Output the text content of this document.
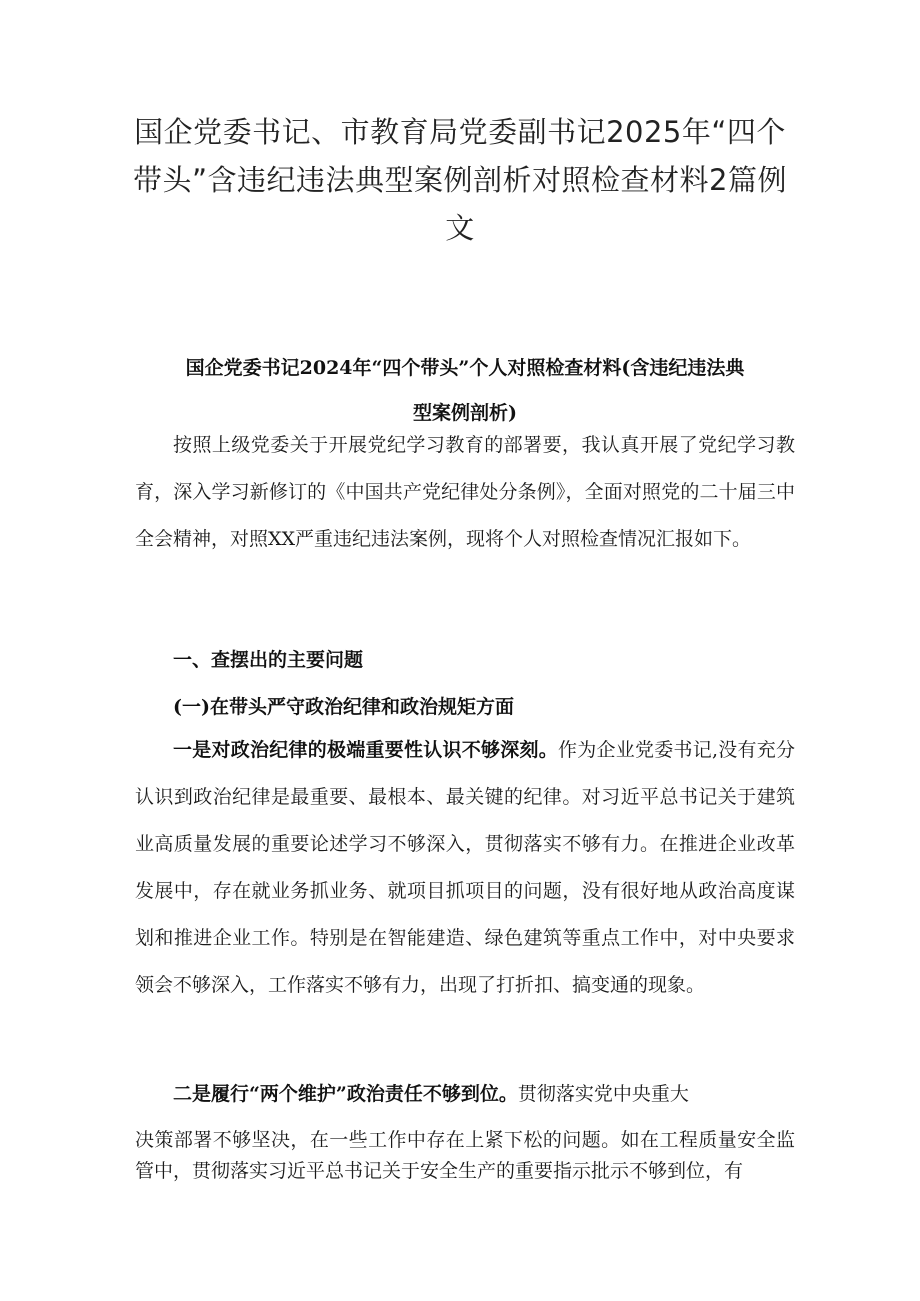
国企党委书记、市教育局党委副书记2025年“四个带头”含违纪违法典型案例剖析对照检查材料2篇例文
国企党委书记2024年“四个带头”个人对照检查材料(含违纪违法典
型案例剖析)

按照上级党委关于开展党纪学习教育的部署要，我认真开展了党纪学习教育，深入学习新修订的《中国共产党纪律处分条例》，全面对照党的二十届三中全会精神，对照XX严重违纪违法案例，现将个人对照检查情况汇报如下。

一、查摆出的主要问题
(一)在带头严守政治纪律和政治规矩方面

一是对政治纪律的极端重要性认识不够深刻。作为企业党委书记,没有充分认识到政治纪律是最重要、最根本、最关键的纪律。对习近平总书记关于建筑业高质量发展的重要论述学习不够深入，贯彻落实不够有力。在推进企业改革发展中，存在就业务抓业务、就项目抓项目的问题，没有很好地从政治高度谋划和推进企业工作。特别是在智能建造、绿色建筑等重点工作中，对中央要求领会不够深入，工作落实不够有力，出现了打折扣、搞变通的现象。

二是履行“两个维护”政治责任不够到位。贯彻落实党中央重大

决策部署不够坚决，在一些工作中存在上紧下松的问题。如在工程质量安全监管中，贯彻落实习近平总书记关于安全生产的重要指示批示不够到位，有
